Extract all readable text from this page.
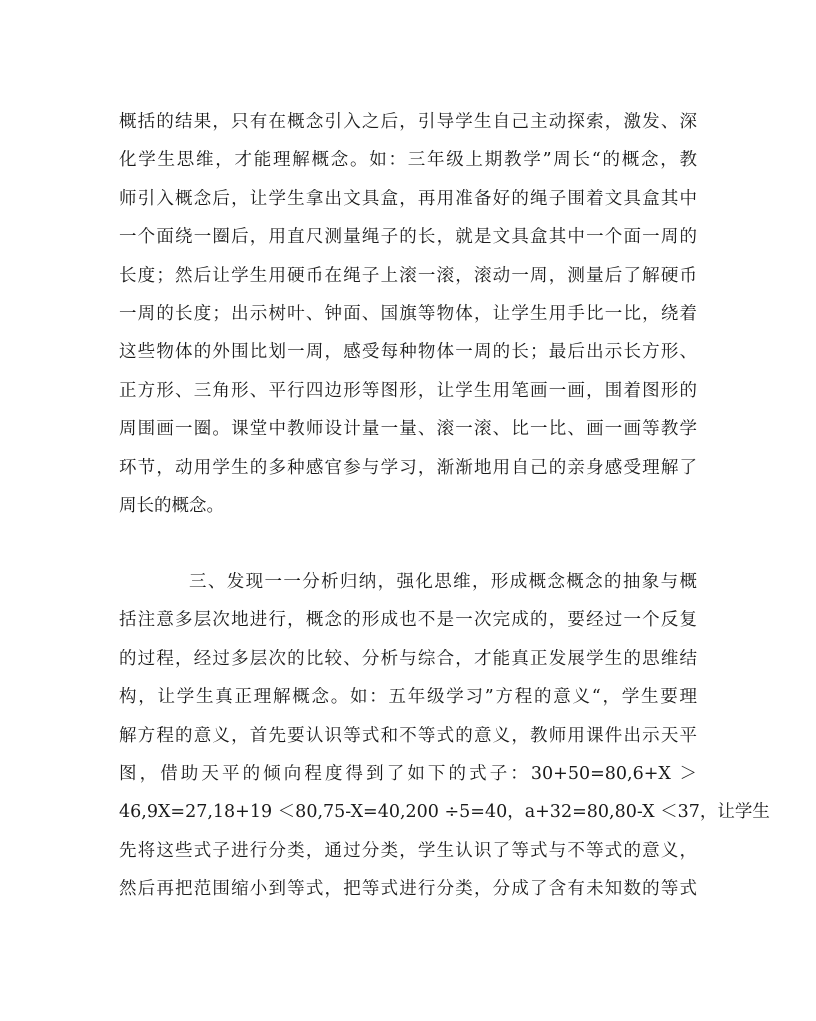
概括的结果，只有在概念引入之后，引导学生自己主动探索，激发、深
化学生思维，才能理解概念。如：三年级上期教学”周长“的概念，教
师引入概念后，让学生拿出文具盒，再用准备好的绳子围着文具盒其中
一个面绕一圈后，用直尺测量绳子的长，就是文具盒其中一个面一周的
长度；然后让学生用硬币在绳子上滚一滚，滚动一周，测量后了解硬币
一周的长度；出示树叶、钟面、国旗等物体，让学生用手比一比，绕着
这些物体的外围比划一周，感受每种物体一周的长；最后出示长方形、
正方形、三角形、平行四边形等图形，让学生用笔画一画，围着图形的
周围画一圈。课堂中教师设计量一量、滚一滚、比一比、画一画等教学
环节，动用学生的多种感官参与学习，渐渐地用自己的亲身感受理解了
周长的概念。
三、发现一一分析归纳，强化思维，形成概念概念的抽象与概
括注意多层次地进行，概念的形成也不是一次完成的，要经过一个反复
的过程，经过多层次的比较、分析与综合，才能真正发展学生的思维结
构，让学生真正理解概念。如：五年级学习”方程的意义“，学生要理
解方程的意义，首先要认识等式和不等式的意义，教师用课件出示天平
图，借助天平的倾向程度得到了如下的式子：30+50=80,6+X ＞
46,9X=27,18+19 ＜80,75-X=40,200 ÷5=40，a+32=80,80-X ＜37，让学生
先将这些式子进行分类，通过分类，学生认识了等式与不等式的意义，
然后再把范围缩小到等式，把等式进行分类，分成了含有未知数的等式
